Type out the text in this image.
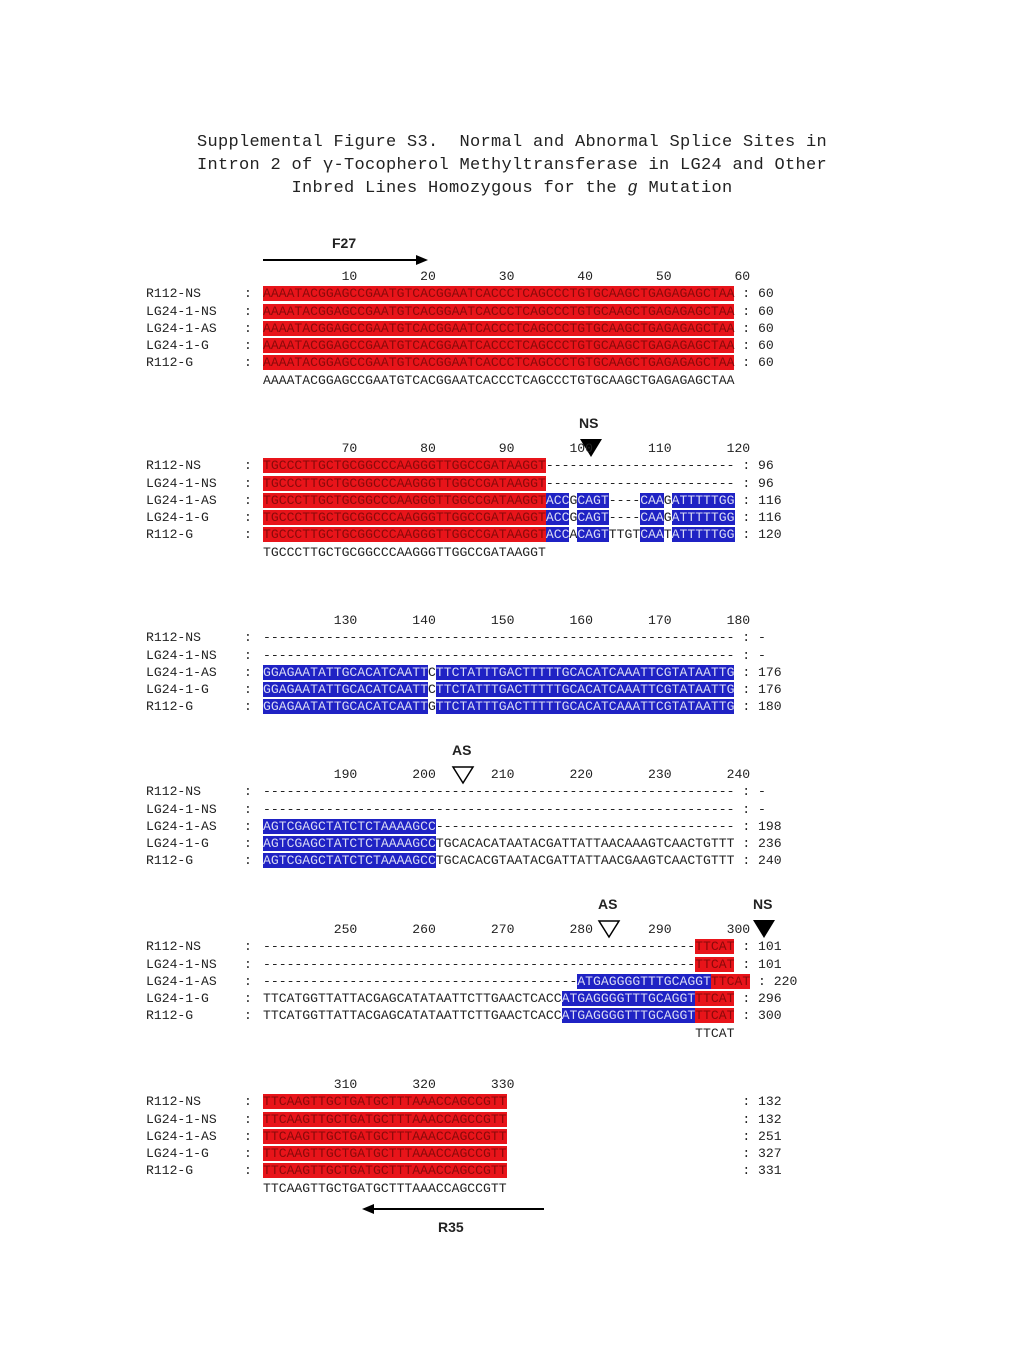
Supplemental Figure S3.  Normal and Abnormal Splice Sites in
Intron 2 of γ-Tocopherol Methyltransferase in LG24 and Other
Inbred Lines Homozygous for the g Mutation
F27
NS
AS
AS	NS
R35
10        20        30        40        50        60
R112-NS	: AAAATACGGAGCCGAATGTCACGGAATCACCCTCAGCCCTGTGCAAGCTGAGAGAGCTAA : 60
LG24-1-NS : AAAATACGGAGCCGAATGTCACGGAATCACCCTCAGCCCTGTGCAAGCTGAGAGAGCTAA : 60
LG24-1-AS : AAAATACGGAGCCGAATGTCACGGAATCACCCTCAGCCCTGTGCAAGCTGAGAGAGCTAA : 60
LG24-1-G	: AAAATACGGAGCCGAATGTCACGGAATCACCCTCAGCCCTGTGCAAGCTGAGAGAGCTAA : 60
R112-G	: AAAATACGGAGCCGAATGTCACGGAATCACCCTCAGCCCTGTGCAAGCTGAGAGAGCTAA : 60
AAAATACGGAGCCGAATGTCACGGAATCACCCTCAGCCCTGTGCAAGCTGAGAGAGCTAA
70        80        90       100       110       120
R112-NS	: TGCCCTTGCTGCGGCCCAAGGGTTGGCCGATAAGGT------------------------ : 96
LG24-1-NS : TGCCCTTGCTGCGGCCCAAGGGTTGGCCGATAAGGT------------------------ : 96
LG24-1-AS : TGCCCTTGCTGCGGCCCAAGGGTTGGCCGATAAGGTACCGCAGT----CAAGATTTTTGG : 116
LG24-1-G	: TGCCCTTGCTGCGGCCCAAGGGTTGGCCGATAAGGTACCGCAGT----CAAGATTTTTGG : 116
R112-G	: TGCCCTTGCTGCGGCCCAAGGGTTGGCCGATAAGGTACCACAGTTTGTCAATATTTTTGG : 120
TGCCCTTGCTGCGGCCCAAGGGTTGGCCGATAAGGT
130       140       150       160       170       180
R112-NS	: ------------------------------------------------------------ : -
LG24-1-NS : ------------------------------------------------------------ : -
LG24-1-AS : GGAGAATATTGCACATCAATTCTTCTATTTGACTTTTTGCACATCAAATTCGTATAATTG : 176
LG24-1-G	: GGAGAATATTGCACATCAATTCTTCTATTTGACTTTTTGCACATCAAATTCGTATAATTG : 176
R112-G	: GGAGAATATTGCACATCAATTGTTCTATTTGACTTTTTGCACATCAAATTCGTATAATTG : 180
190       200       210       220       230       240
R112-NS	: ------------------------------------------------------------ : -
LG24-1-NS : ------------------------------------------------------------ : -
LG24-1-AS : AGTCGAGCTATCTCTAAAAGCC-------------------------------------- : 198
LG24-1-G	: AGTCGAGCTATCTCTAAAAGCCTGCACACATAATACGATTATTAACAAAGTCAACTGTTT : 236
R112-G	: AGTCGAGCTATCTCTAAAAGCCTGCACACGTAATACGATTATTAACGAAGTCAACTGTTT : 240
250       260       270       280       290       300
R112-NS	: -------------------------------------------------------TTCAT : 101
LG24-1-NS : -------------------------------------------------------TTCAT : 101
LG24-1-AS : ----------------------------------------ATGAGGGGTTTGCAGGTTTCAT : 220
LG24-1-G	: TTCATGGTTATTACGAGCATATAATTCTTGAACTCACCATGAGGGGTTTGCAGGTTTCAT : 296
R112-G	: TTCATGGTTATTACGAGCATATAATTCTTGAACTCACCATGAGGGGTTTGCAGGTTTCAT : 300
TTCAT
310       320       330
R112-NS	: TTCAAGTTGCTGATGCTTTAAACCAGCCGTT                              : 132
LG24-1-NS : TTCAAGTTGCTGATGCTTTAAACCAGCCGTT                              : 132
LG24-1-AS : TTCAAGTTGCTGATGCTTTAAACCAGCCGTT                              : 251
LG24-1-G	: TTCAAGTTGCTGATGCTTTAAACCAGCCGTT                              : 327
R112-G	: TTCAAGTTGCTGATGCTTTAAACCAGCCGTT                              : 331
TTCAAGTTGCTGATGCTTTAAACCAGCCGTT
